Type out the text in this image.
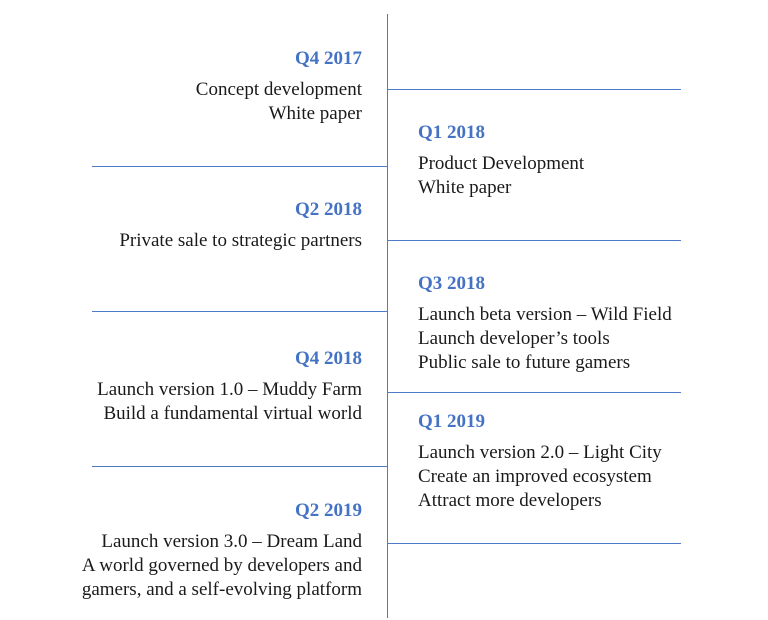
Q4 2017
Concept development
White paper
Q1 2018
Product Development
White paper
Q2 2018
Private sale to strategic partners
Q3 2018
Launch beta version – Wild Field
Launch developer’s tools
Public sale to future gamers
Q4 2018
Launch version 1.0 – Muddy Farm
Build a fundamental virtual world	Q1 2019
Launch version 2.0 – Light City
Create an improved ecosystem
Attract more developers
Q2 2019
Launch version 3.0 – Dream Land
A world governed by developers and
gamers, and a self-evolving platform
